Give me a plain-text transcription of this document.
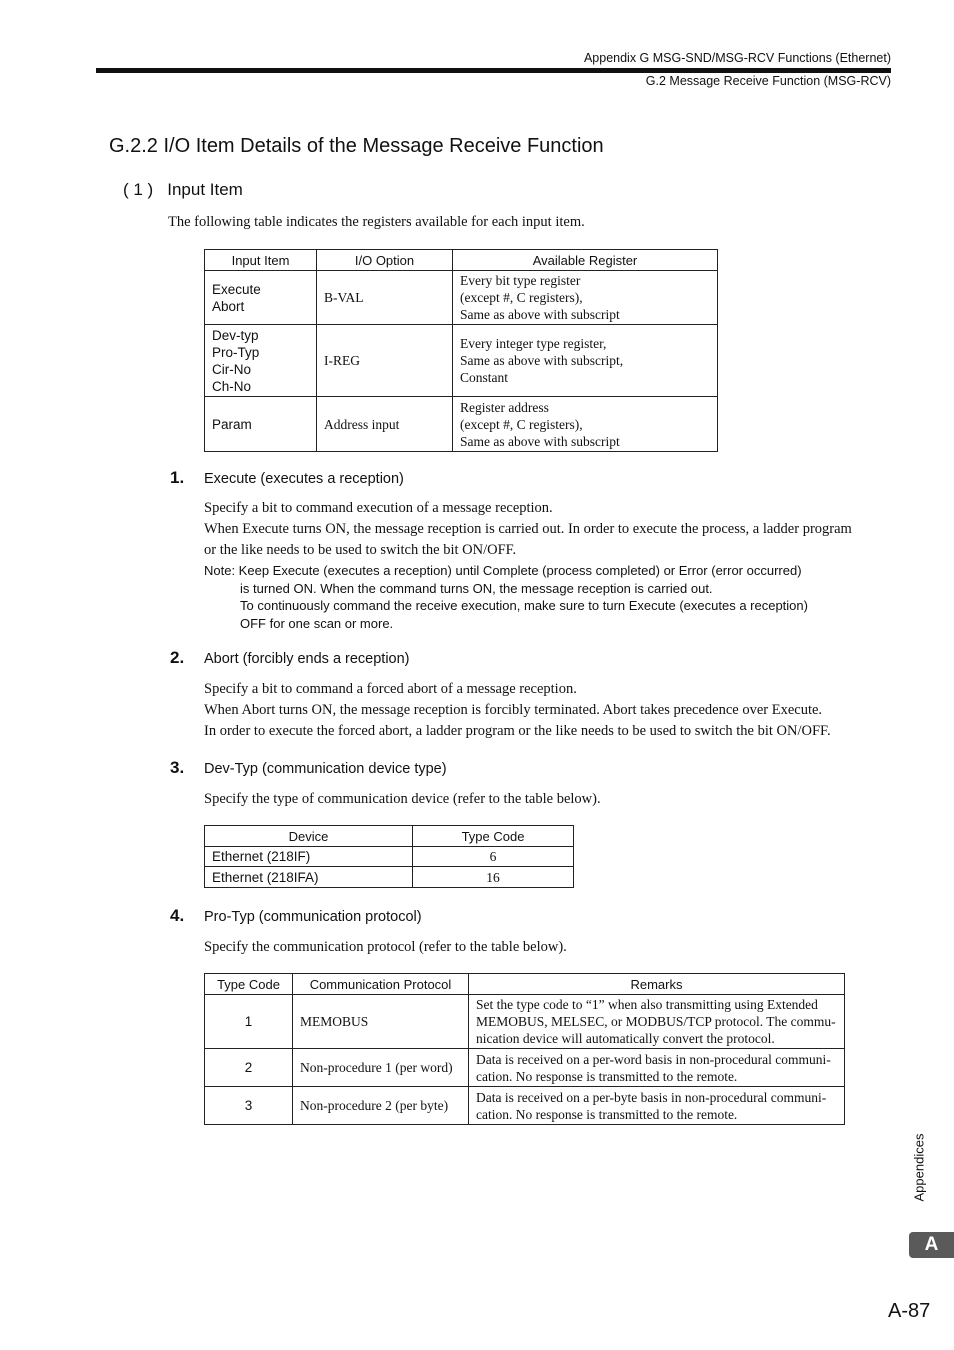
Appendix G MSG-SND/MSG-RCV Functions (Ethernet)
G.2 Message Receive Function (MSG-RCV)
G.2.2 I/O Item Details of the Message Receive Function
( 1 ) Input Item
The following table indicates the registers available for each input item.
Input Item	I/O Option	Available Register

Execute
Abort	B-VAL	Every bit type register
(except #, C registers),
Same as above with subscript

Dev-typ
Pro-Typ
Cir-No
Ch-No	I-REG	Every integer type register,
Same as above with subscript,
Constant

Param	Address input	Register address
(except #, C registers),
Same as above with subscript
1. Execute (executes a reception)
Specify a bit to command execution of a message reception.
When Execute turns ON, the message reception is carried out. In order to execute the process, a ladder program
or the like needs to be used to switch the bit ON/OFF.
Note: Keep Execute (executes a reception) until Complete (process completed) or Error (error occurred)
is turned ON. When the command turns ON, the message reception is carried out.
To continuously command the receive execution, make sure to turn Execute (executes a reception)
OFF for one scan or more.
2. Abort (forcibly ends a reception)
Specify a bit to command a forced abort of a message reception.
When Abort turns ON, the message reception is forcibly terminated. Abort takes precedence over Execute.
In order to execute the forced abort, a ladder program or the like needs to be used to switch the bit ON/OFF.
3. Dev-Typ (communication device type)
Specify the type of communication device (refer to the table below).
Device	Type Code
Ethernet (218IF)	6
Ethernet (218IFA)	16
4. Pro-Typ (communication protocol)
Specify the communication protocol (refer to the table below).
Type Code	Communication Protocol	Remarks
1	MEMOBUS	Set the type code to “1” when also transmitting using Extended
MEMOBUS, MELSEC, or MODBUS/TCP protocol. The commu-
nication device will automatically convert the protocol.

2	Non-procedure 1 (per word)	Data is received on a per-word basis in non-procedural communi-
cation. No response is transmitted to the remote.

3	Non-procedure 2 (per byte)	Data is received on a per-byte basis in non-procedural communi-
cation. No response is transmitted to the remote.
Appendices
A
A-87
